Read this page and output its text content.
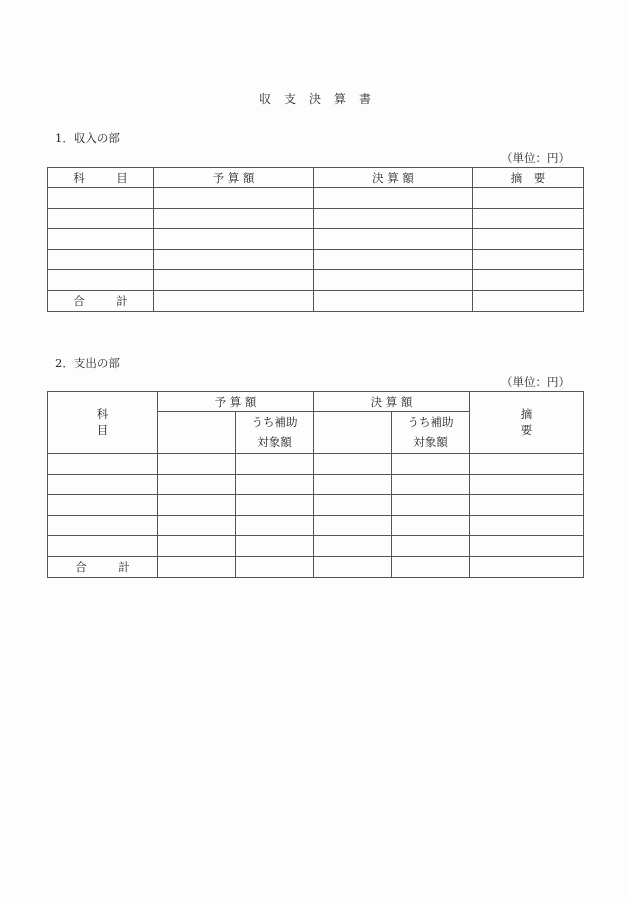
収支決算書
1．収入の部
（単位：円）
科　目	予 算 額	決 算 額	摘　要

合　計			
2．支出の部
（単位：円）
科　目	予 算 額		決 算 額		摘　要
		うち補助		うち補助	
		対象額		対象額	

合　計					
